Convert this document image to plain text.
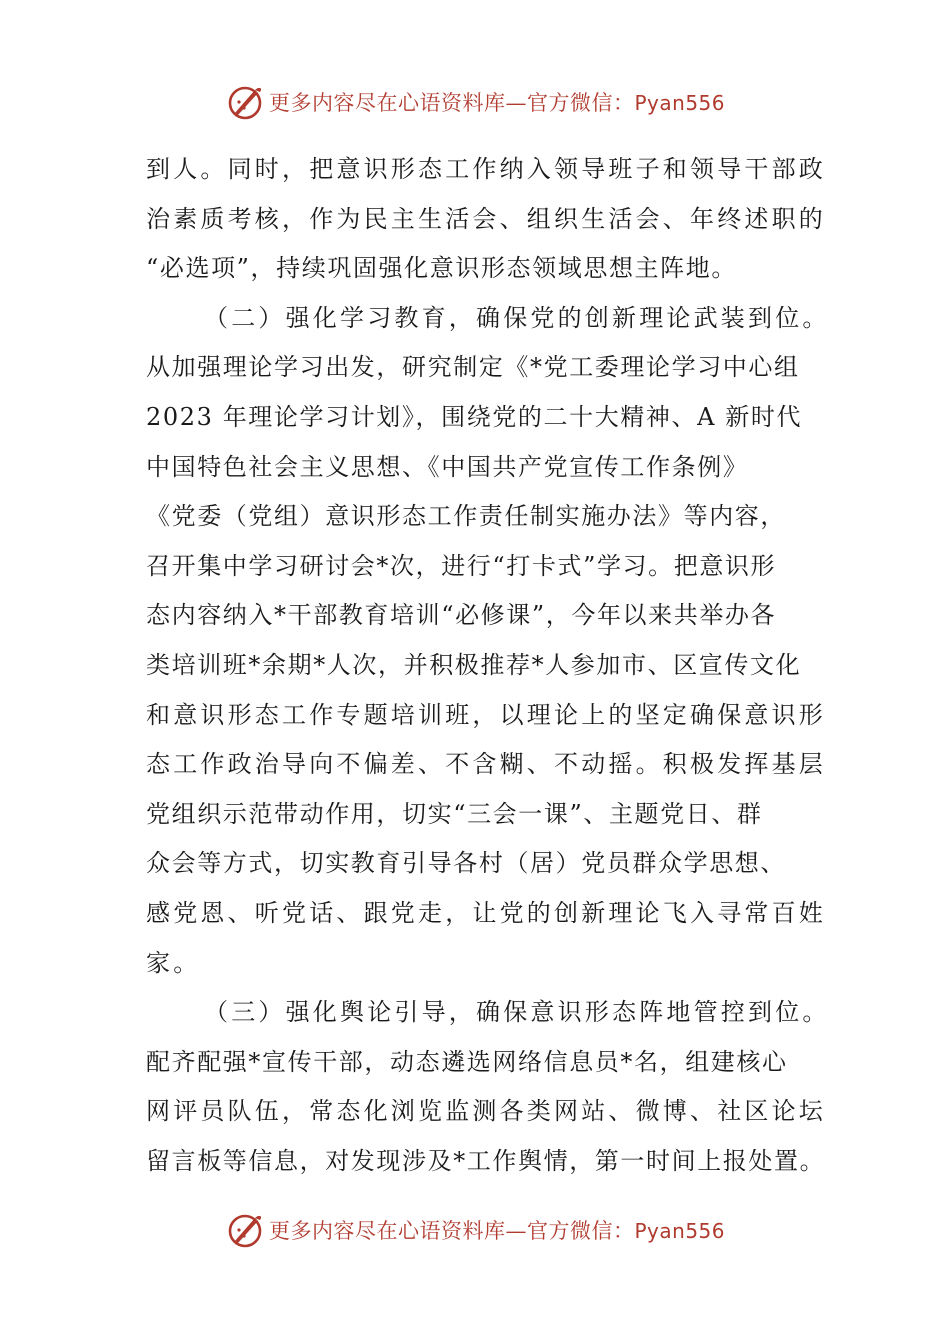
更多内容尽在心语资料库—官方微信：Pyan556
到人。同时，把意识形态工作纳入领导班子和领导干部政
治素质考核，作为民主生活会、组织生活会、年终述职的
“必选项”，持续巩固强化意识形态领域思想主阵地。
（二）强化学习教育，确保党的创新理论武装到位。
从加强理论学习出发，研究制定《*党工委理论学习中心组
2023 年理论学习计划》，围绕党的二十大精神、A 新时代
中国特色社会主义思想、《中国共产党宣传工作条例》
《党委（党组）意识形态工作责任制实施办法》等内容，
召开集中学习研讨会*次，进行“打卡式”学习。把意识形
态内容纳入*干部教育培训“必修课”，今年以来共举办各
类培训班*余期*人次，并积极推荐*人参加市、区宣传文化
和意识形态工作专题培训班，以理论上的坚定确保意识形
态工作政治导向不偏差、不含糊、不动摇。积极发挥基层
党组织示范带动作用，切实“三会一课”、主题党日、群
众会等方式，切实教育引导各村（居）党员群众学思想、
感党恩、听党话、跟党走，让党的创新理论飞入寻常百姓
家。
（三）强化舆论引导，确保意识形态阵地管控到位。
配齐配强*宣传干部，动态遴选网络信息员*名，组建核心
网评员队伍，常态化浏览监测各类网站、微博、社区论坛
留言板等信息，对发现涉及*工作舆情，第一时间上报处置。
更多内容尽在心语资料库—官方微信：Pyan556
